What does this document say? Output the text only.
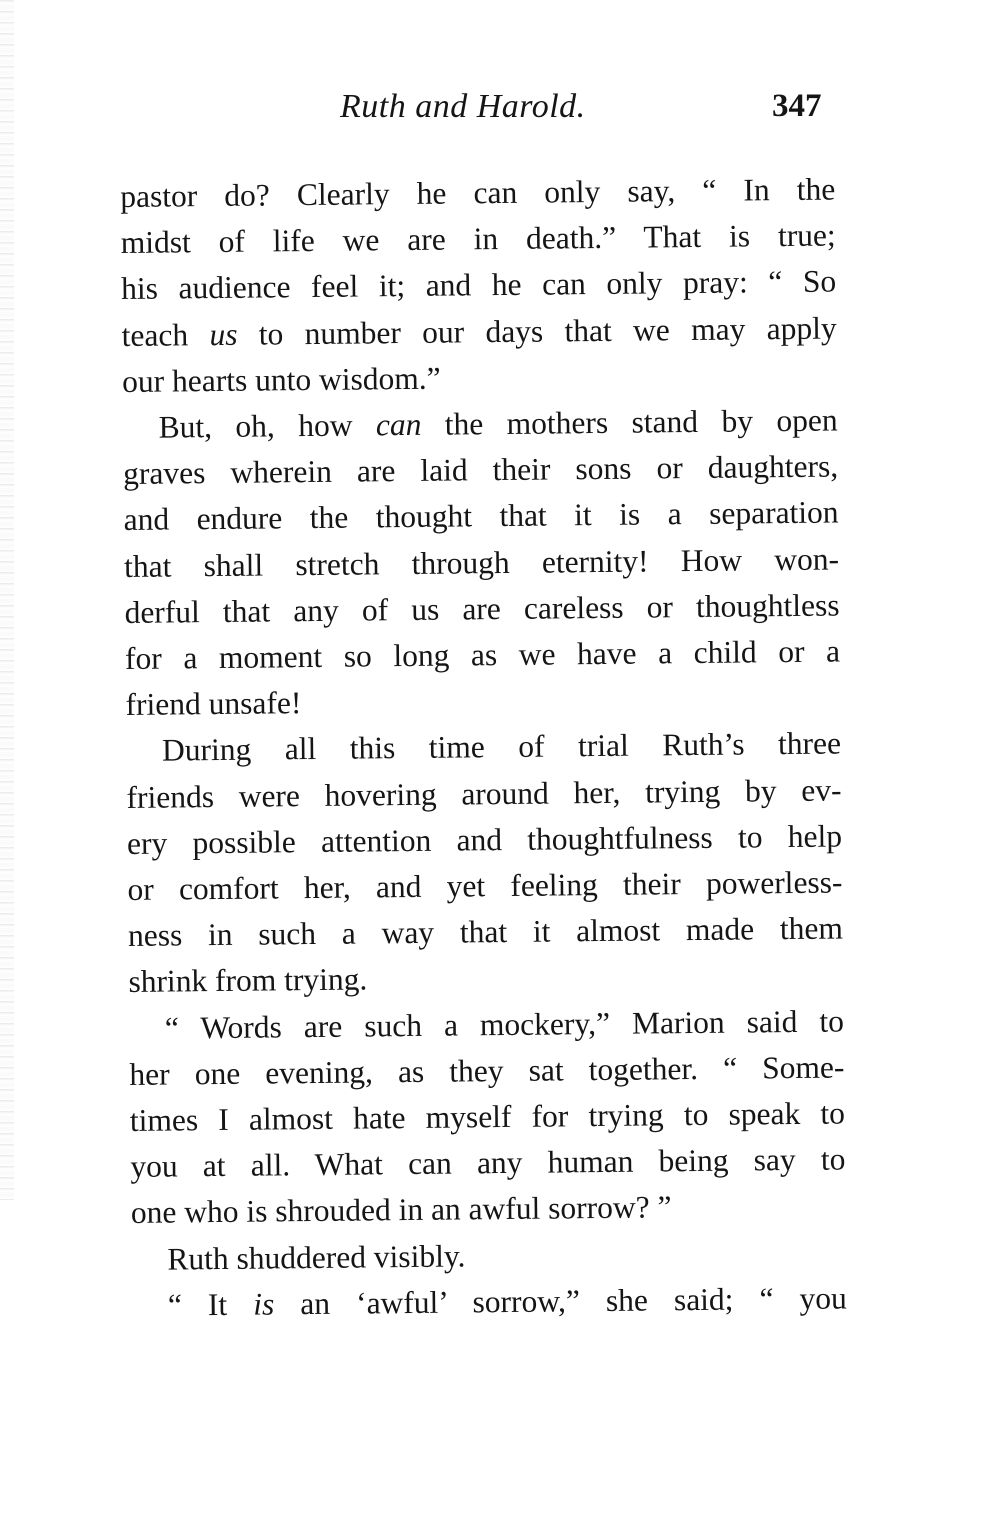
Ruth and Harold.	347
pastor do? Clearly he can only say, “ In the
midst of life we are in death.” That is true;
his audience feel it; and he can only pray: “ So
teach us to number our days that we may apply
our hearts unto wisdom.”
But, oh, how can the mothers stand by open
graves wherein are laid their sons or daughters,
and endure the thought that it is a separation
that shall stretch through eternity! How won-
derful that any of us are careless or thoughtless
for a moment so long as we have a child or a
friend unsafe!
During all this time of trial Ruth’s three
friends were hovering around her, trying by ev-
ery possible attention and thoughtfulness to help
or comfort her, and yet feeling their powerless-
ness in such a way that it almost made them
shrink from trying.
“ Words are such a mockery,” Marion said to
her one evening, as they sat together. “ Some-
times I almost hate myself for trying to speak to
you at all. What can any human being say to
one who is shrouded in an awful sorrow? ”
Ruth shuddered visibly.
“ It is an ‘awful’ sorrow,” she said; “ you
